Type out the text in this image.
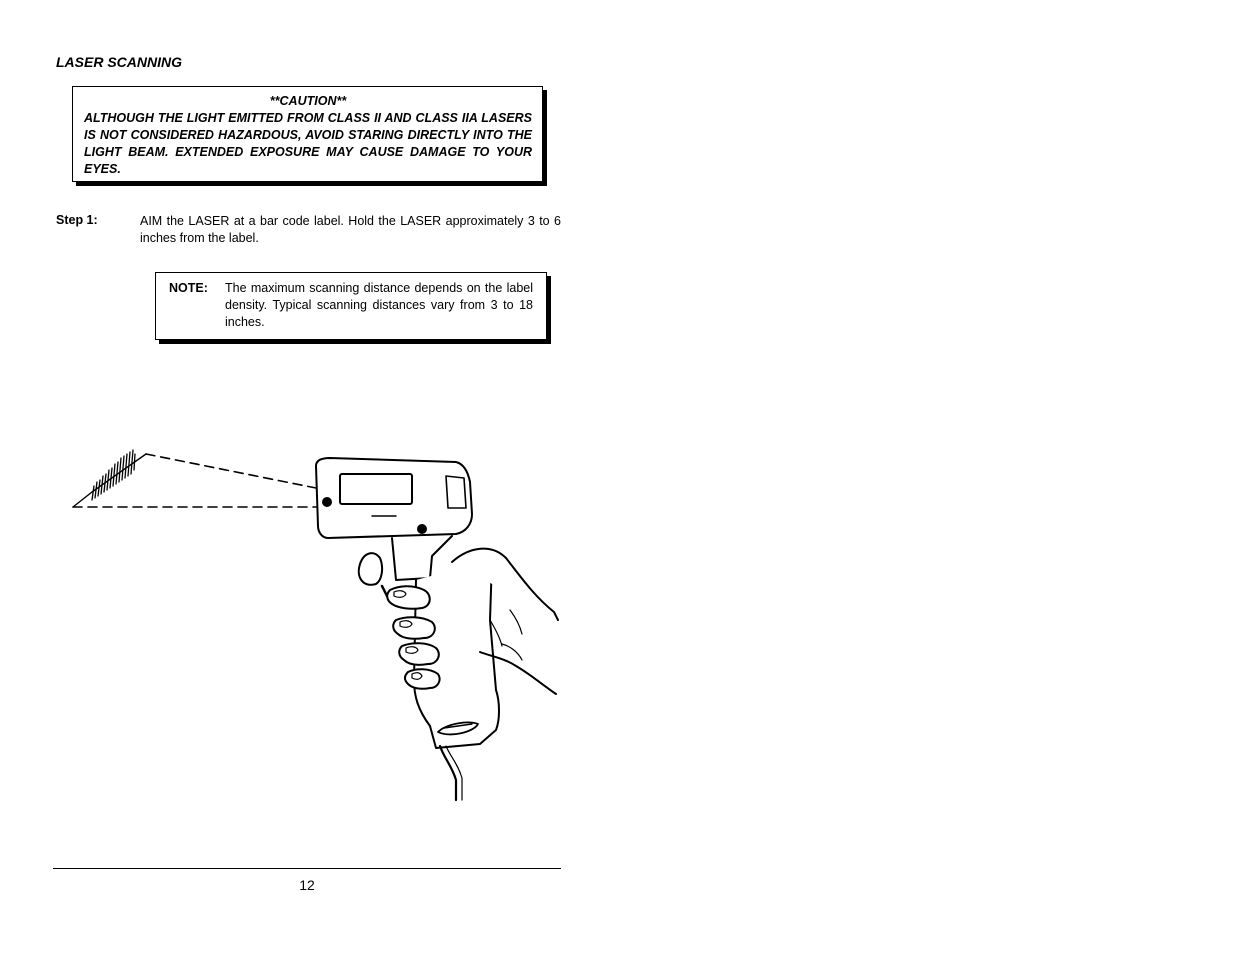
LASER SCANNING
**CAUTION**
ALTHOUGH THE LIGHT EMITTED FROM CLASS II AND CLASS IIA LASERS IS NOT CONSIDERED HAZARDOUS, AVOID STARING DIRECTLY INTO THE LIGHT BEAM. EXTENDED EXPOSURE MAY CAUSE DAMAGE TO YOUR EYES.
Step 1:	AIM the LASER at a bar code label. Hold the LASER approximately 3 to 6 inches from the label.
NOTE:	The maximum scanning distance depends on the label density. Typical scanning distances vary from 3 to 18 inches.
12
